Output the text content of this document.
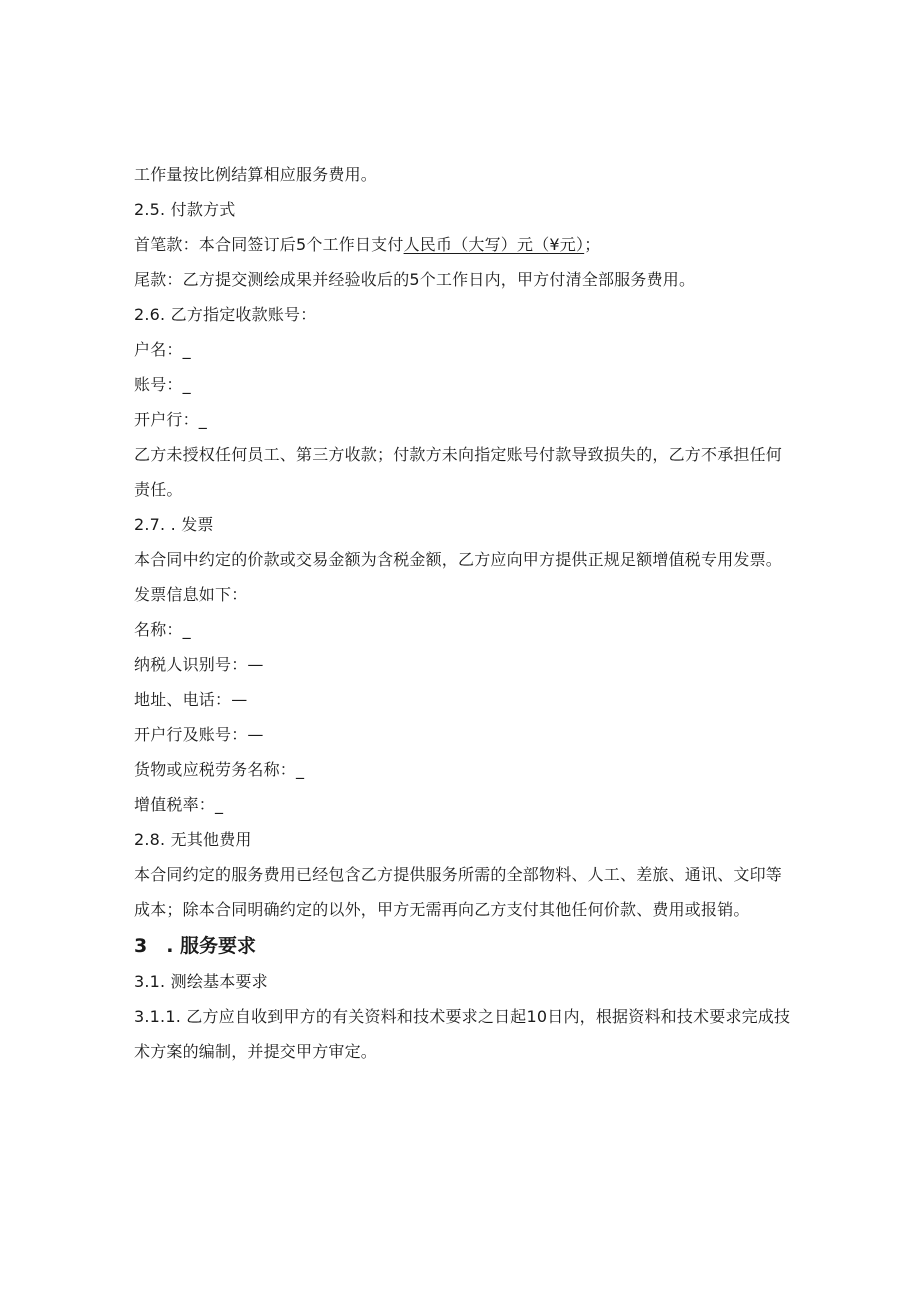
工作量按比例结算相应服务费用。
2.5. 付款方式
首笔款：本合同签订后5个工作日支付人民币（大写）元（¥元）；
尾款：乙方提交测绘成果并经验收后的5个工作日内，甲方付清全部服务费用。
2.6. 乙方指定收款账号：
户名：_
账号：_
开户行：_
乙方未授权任何员工、第三方收款；付款方未向指定账号付款导致损失的，乙方不承担任何责任。
2.7. . 发票
本合同中约定的价款或交易金额为含税金额，乙方应向甲方提供正规足额增值税专用发票。发票信息如下：
名称：_
纳税人识别号：—
地址、电话：—
开户行及账号：—
货物或应税劳务名称：_
增值税率：_
2.8. 无其他费用
本合同约定的服务费用已经包含乙方提供服务所需的全部物料、人工、差旅、通讯、文印等成本；除本合同明确约定的以外，甲方无需再向乙方支付其他任何价款、费用或报销。
3　. 服务要求
3.1. 测绘基本要求
3.1.1. 乙方应自收到甲方的有关资料和技术要求之日起10日内，根据资料和技术要求完成技术方案的编制，并提交甲方审定。
